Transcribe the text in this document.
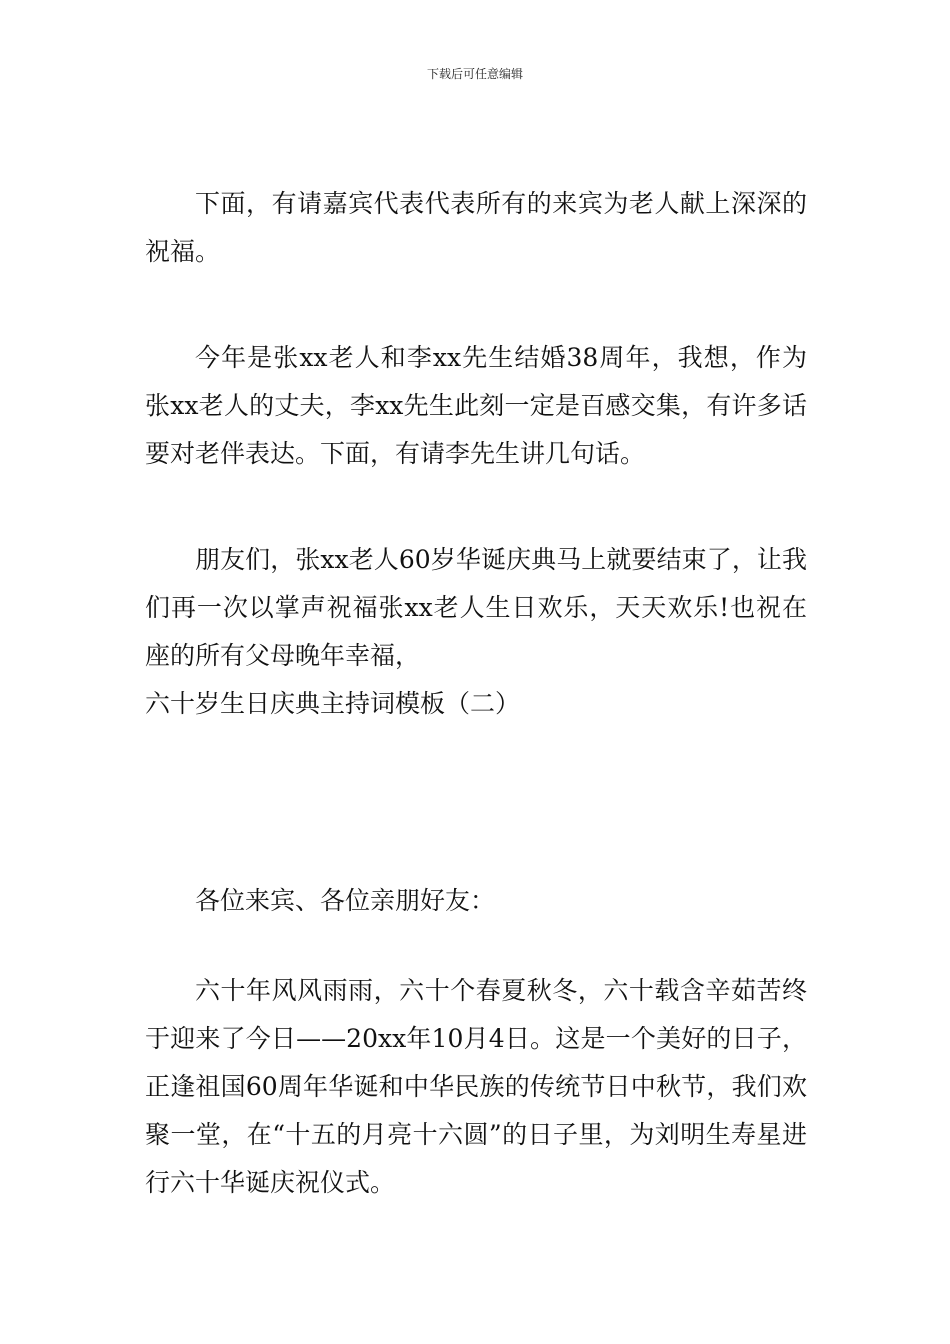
下载后可任意编辑

下面，有请嘉宾代表代表所有的来宾为老人献上深深的祝福。

今年是张xx老人和李xx先生结婚38周年，我想，作为张xx老人的丈夫，李xx先生此刻一定是百感交集，有许多话要对老伴表达。下面，有请李先生讲几句话。

朋友们，张xx老人60岁华诞庆典马上就要结束了，让我们再一次以掌声祝福张xx老人生日欢乐，天天欢乐!也祝在座的所有父母晚年幸福，

六十岁生日庆典主持词模板（二）

各位来宾、各位亲朋好友：

六十年风风雨雨，六十个春夏秋冬，六十载含辛茹苦终于迎来了今日——20xx年10月4日。这是一个美好的日子，正逢祖国60周年华诞和中华民族的传统节日中秋节，我们欢聚一堂，在“十五的月亮十六圆”的日子里，为刘明生寿星进行六十华诞庆祝仪式。
